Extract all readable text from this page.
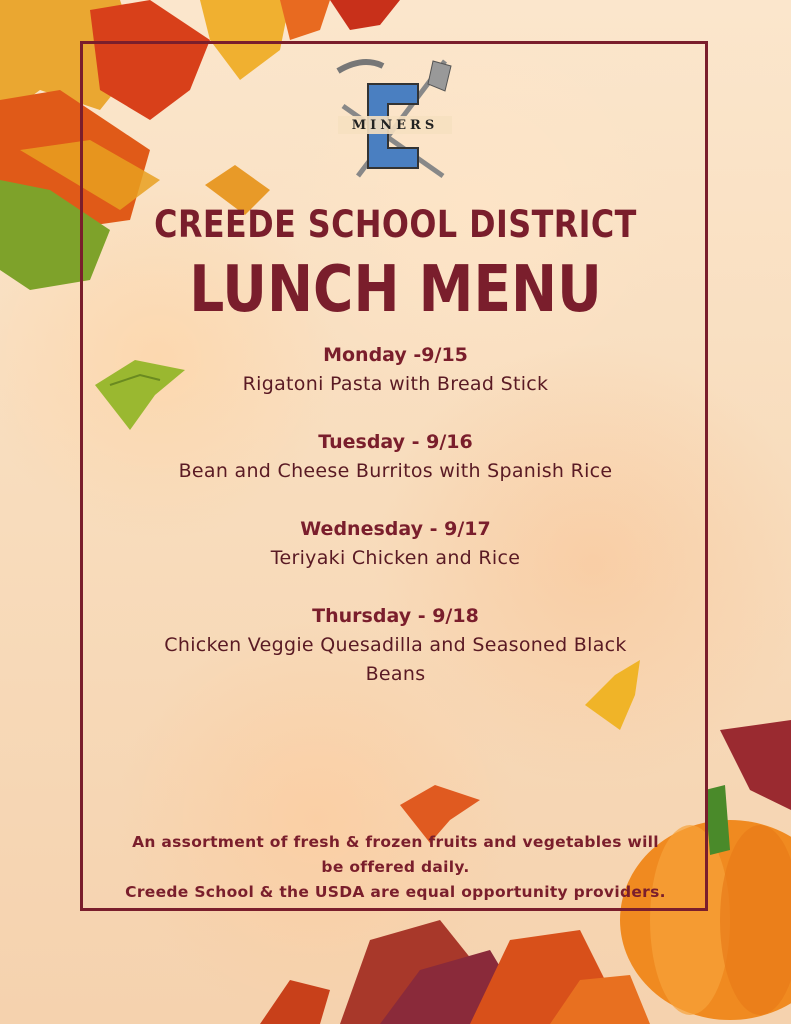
MINERS
CREEDE SCHOOL DISTRICT
LUNCH MENU
Monday -9/15
Rigatoni Pasta with Bread Stick
Tuesday - 9/16
Bean and Cheese Burritos with Spanish Rice
Wednesday - 9/17
Teriyaki Chicken and Rice
Thursday - 9/18
Chicken Veggie Quesadilla and Seasoned Black
Beans
An assortment of fresh & frozen fruits and vegetables will
be offered daily.
Creede School & the USDA are equal opportunity providers.
